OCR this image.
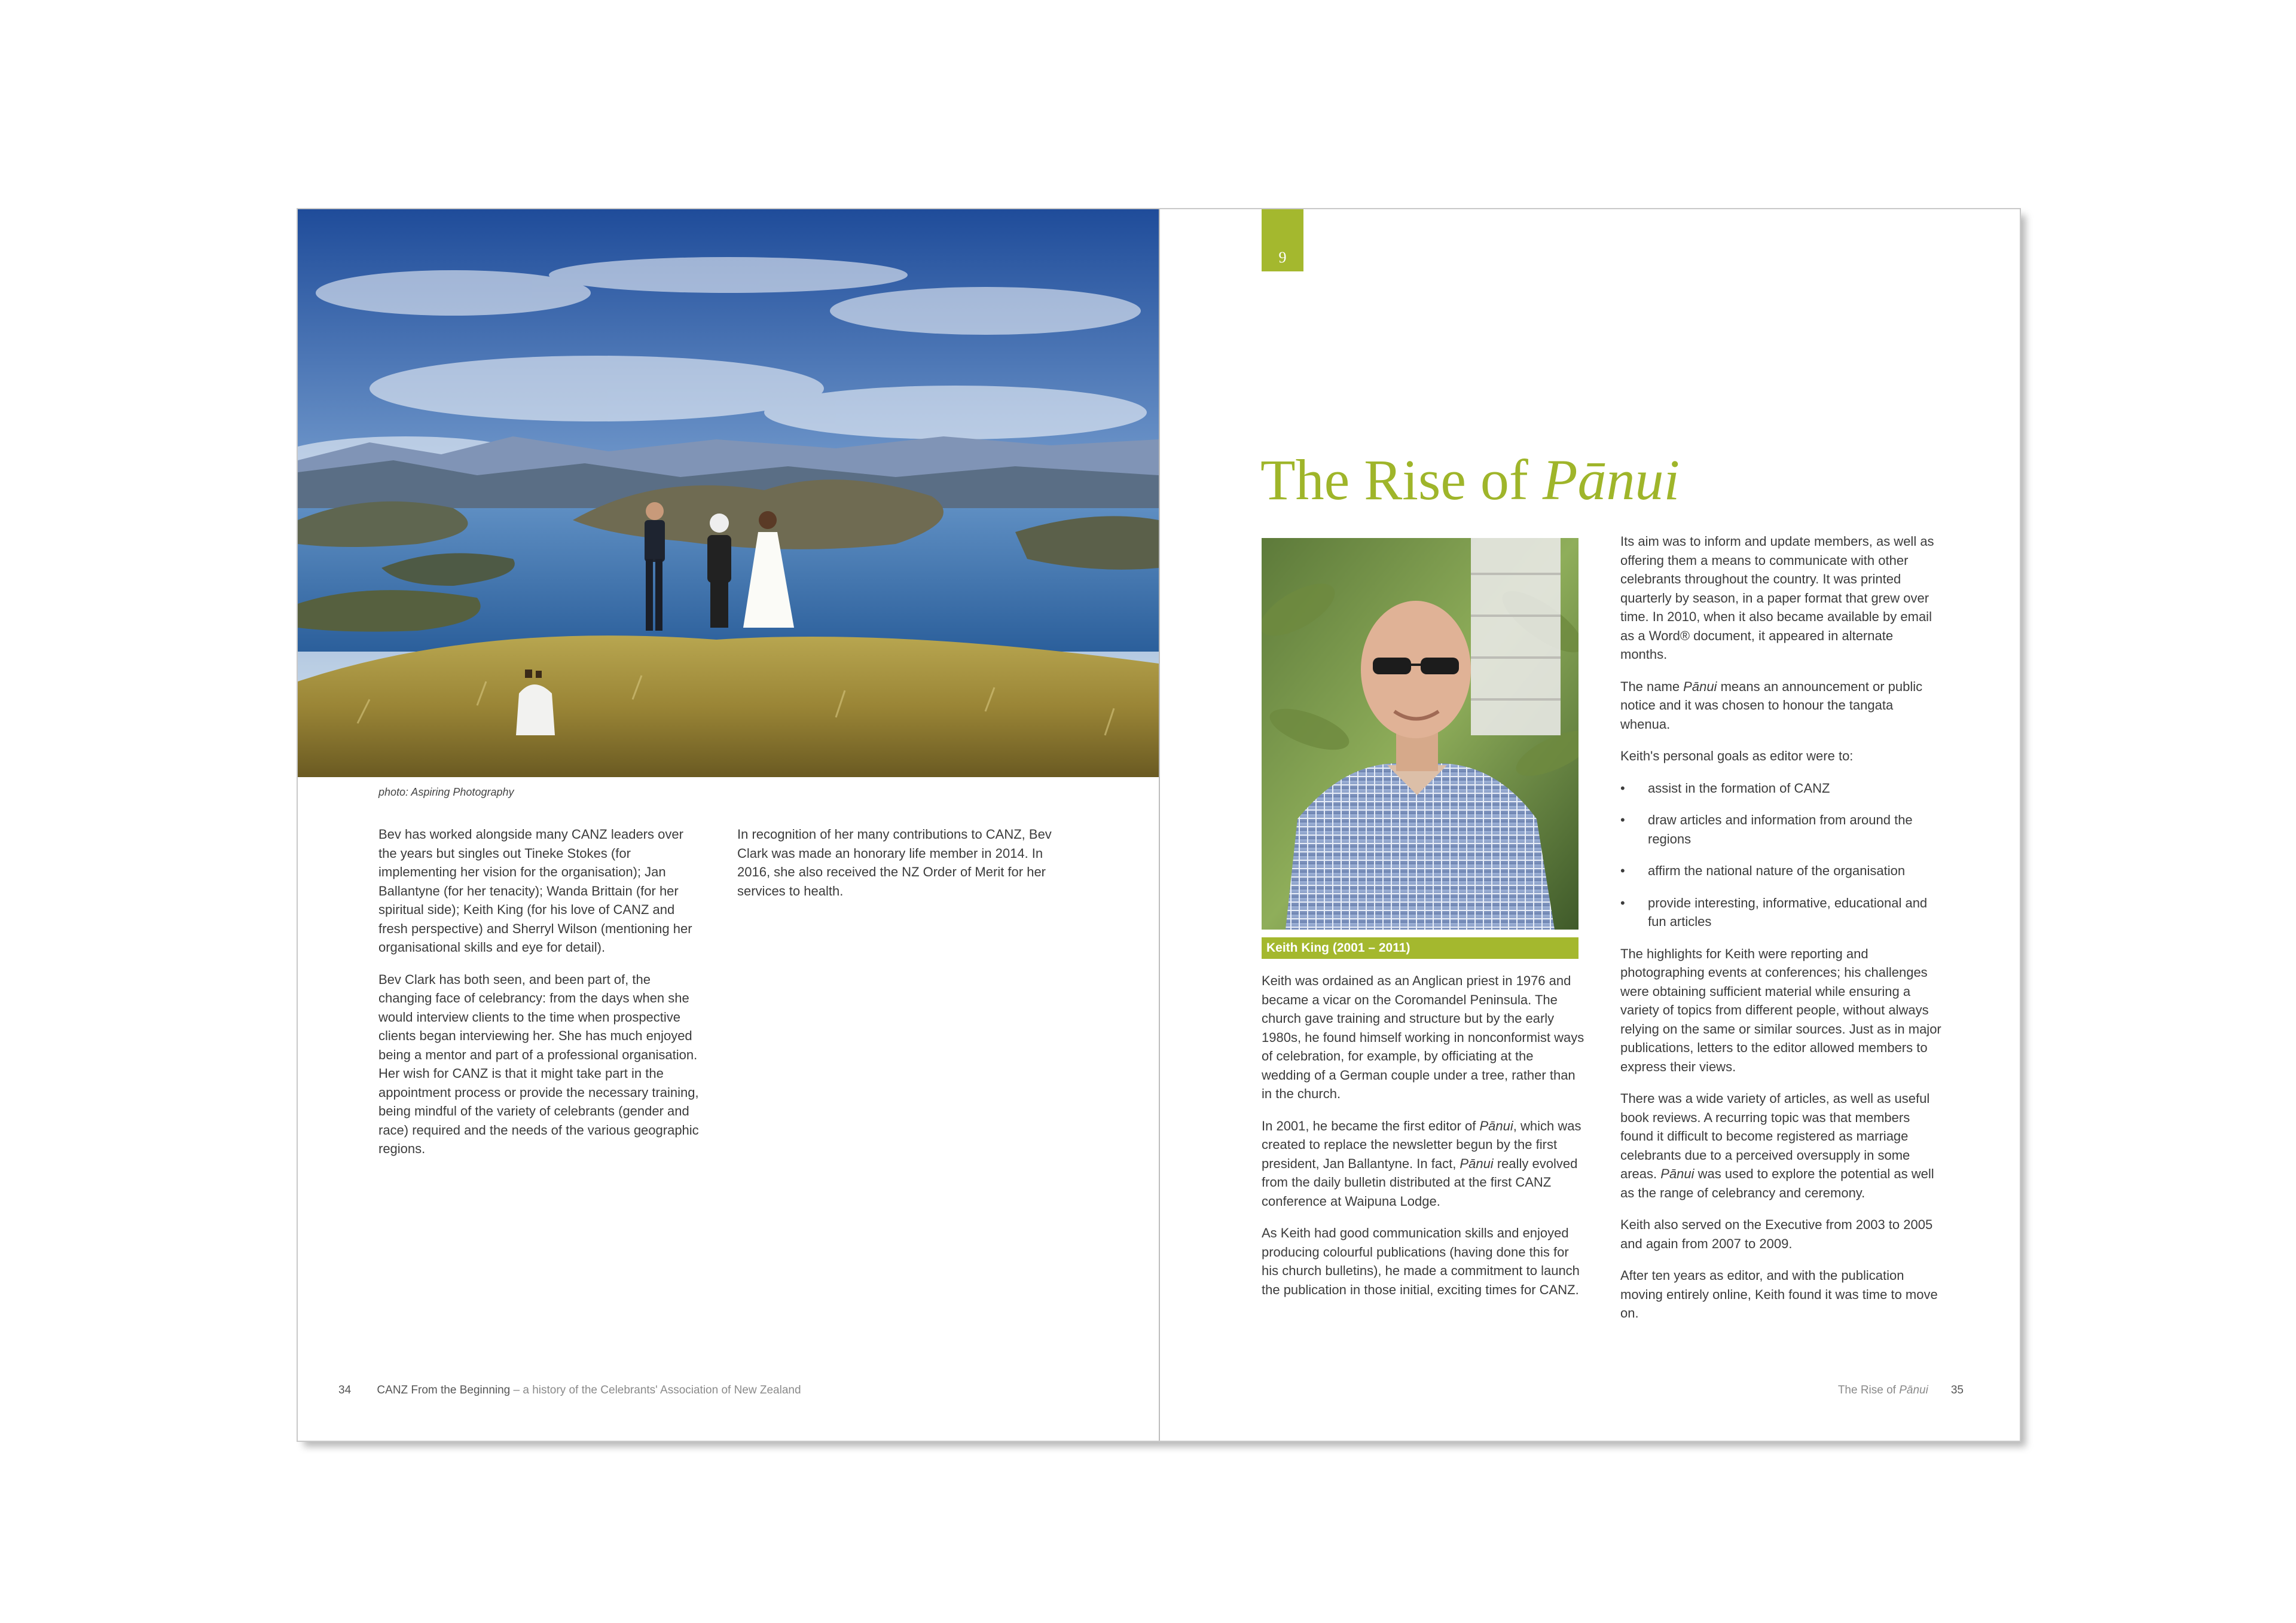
photo: Aspiring Photography

Bev has worked alongside many CANZ leaders over the years but singles out Tineke Stokes (for implementing her vision for the organisation); Jan Ballantyne (for her tenacity); Wanda Brittain (for her spiritual side); Keith King (for his love of CANZ and fresh perspective) and Sherryl Wilson (mentioning her organisational skills and eye for detail).

Bev Clark has both seen, and been part of, the changing face of celebrancy: from the days when she would interview clients to the time when prospective clients began interviewing her. She has much enjoyed being a mentor and part of a professional organisation. Her wish for CANZ is that it might take part in the appointment process or provide the necessary training, being mindful of the variety of celebrants (gender and race) required and the needs of the various geographic regions.

In recognition of her many contributions to CANZ, Bev Clark was made an honorary life member in 2014. In 2016, she also received the NZ Order of Merit for her services to health.

34 CANZ From the Beginning – a history of the Celebrants' Association of New Zealand
9
The Rise of Pānui
Keith King (2001 – 2011)

Keith was ordained as an Anglican priest in 1976 and became a vicar on the Coromandel Peninsula. The church gave training and structure but by the early 1980s, he found himself working in nonconformist ways of celebration, for example, by officiating at the wedding of a German couple under a tree, rather than in the church.

In 2001, he became the first editor of Pānui, which was created to replace the newsletter begun by the first president, Jan Ballantyne. In fact, Pānui really evolved from the daily bulletin distributed at the first CANZ conference at Waipuna Lodge.

As Keith had good communication skills and enjoyed producing colourful publications (having done this for his church bulletins), he made a commitment to launch the publication in those initial, exciting times for CANZ.

Its aim was to inform and update members, as well as offering them a means to communicate with other celebrants throughout the country. It was printed quarterly by season, in a paper format that grew over time. In 2010, when it also became available by email as a Word® document, it appeared in alternate months.

The name Pānui means an announcement or public notice and it was chosen to honour the tangata whenua.

Keith's personal goals as editor were to:

• assist in the formation of CANZ
• draw articles and information from around the regions
• affirm the national nature of the organisation
• provide interesting, informative, educational and fun articles

The highlights for Keith were reporting and photographing events at conferences; his challenges were obtaining sufficient material while ensuring a variety of topics from different people, without always relying on the same or similar sources. Just as in major publications, letters to the editor allowed members to express their views.

There was a wide variety of articles, as well as useful book reviews. A recurring topic was that members found it difficult to become registered as marriage celebrants due to a perceived oversupply in some areas. Pānui was used to explore the potential as well as the range of celebrancy and ceremony.

Keith also served on the Executive from 2003 to 2005 and again from 2007 to 2009.

After ten years as editor, and with the publication moving entirely online, Keith found it was time to move on.

The Rise of Pānui 35
